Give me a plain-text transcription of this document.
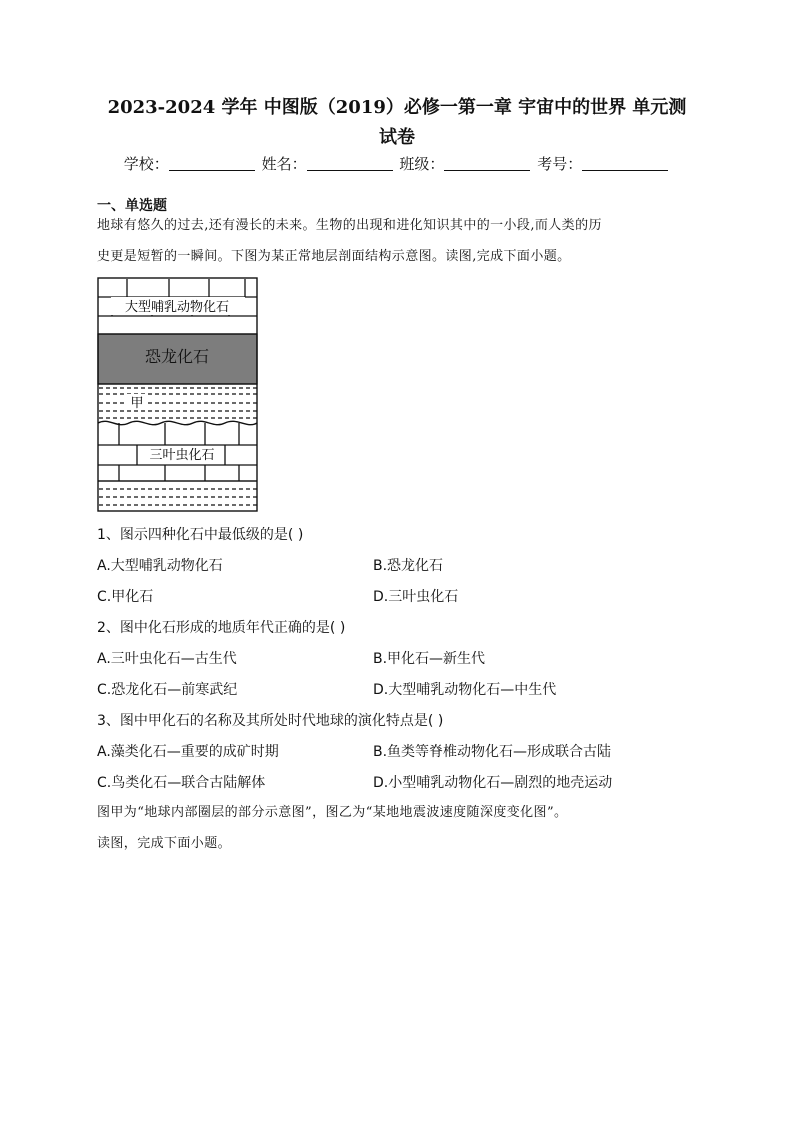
2023-2024 学年 中图版（2019）必修一第一章 宇宙中的世界 单元测
试卷
学校：	姓名：	班级：	考号：
一、单选题
地球有悠久的过去,还有漫长的未来。生物的出现和进化知识其中的一小段,而人类的历
史更是短暂的一瞬间。下图为某正常地层剖面结构示意图。读图,完成下面小题。
大型哺乳动物化石
恐龙化石
甲
三叶虫化石
1、图示四种化石中最低级的是( )
A.大型哺乳动物化石	B.恐龙化石
C.甲化石	D.三叶虫化石
2、图中化石形成的地质年代正确的是( )
A.三叶虫化石—古生代	B.甲化石—新生代
C.恐龙化石—前寒武纪	D.大型哺乳动物化石—中生代
3、图中甲化石的名称及其所处时代地球的演化特点是( )
A.藻类化石—重要的成矿时期	B.鱼类等脊椎动物化石—形成联合古陆
C.鸟类化石—联合古陆解体	D.小型哺乳动物化石—剧烈的地壳运动
图甲为“地球内部圈层的部分示意图”，图乙为“某地地震波速度随深度变化图”。
读图，完成下面小题。
